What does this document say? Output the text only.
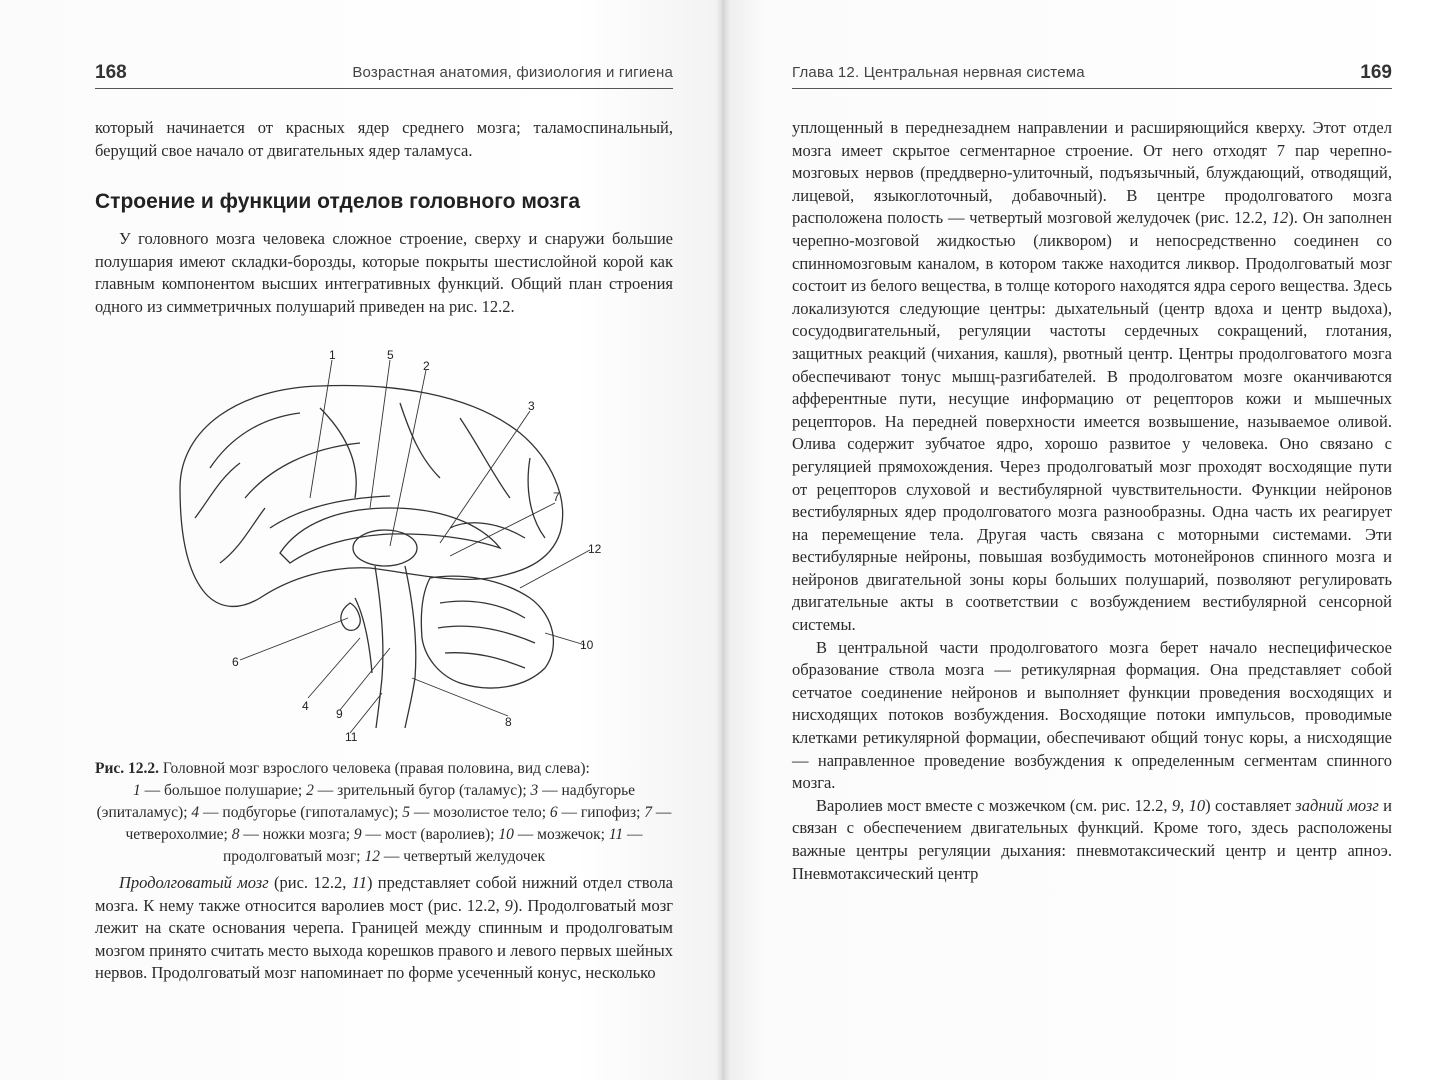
168	Возрастная анатомия, физиология и гигиена

который начинается от красных ядер среднего мозга; таламоспинальный, берущий свое начало от двигательных ядер таламуса.

Строение и функции отделов головного мозга

У головного мозга человека сложное строение, сверху и снаружи большие полушария имеют складки-борозды, которые покрыты шестислойной корой как главным компонентом высших интегративных функций. Общий план строения одного из симметричных полушарий приведен на рис. 12.2.

1	5
2
3
7
12
10
6
4
9
11
8
Рис. 12.2. Головной мозг взрослого человека (правая половина, вид слева):
1 — большое полушарие; 2 — зрительный бугор (таламус); 3 — надбугорье (эпиталамус); 4 — подбугорье (гипоталамус); 5 — мозолистое тело; 6 — гипофиз; 7 — четверохолмие; 8 — ножки мозга; 9 — мост (варолиев); 10 — мозжечок; 11 — продолговатый мозг; 12 — четвертый желудочек

Продолговатый мозг (рис. 12.2, 11) представляет собой нижний отдел ствола мозга. К нему также относится варолиев мост (рис. 12.2, 9). Продолговатый мозг лежит на скате основания черепа. Границей между спинным и продолговатым мозгом принято считать место выхода корешков правого и левого первых шейных нервов. Продолговатый мозг напоминает по форме усеченный конус, несколько

Глава 12. Центральная нервная система	169

уплощенный в переднезаднем направлении и расширяющийся кверху. Этот отдел мозга имеет скрытое сегментарное строение. От него отходят 7 пар черепно-мозговых нервов (преддверно-улиточный, подъязычный, блуждающий, отводящий, лицевой, языкоглоточный, добавочный). В центре продолговатого мозга расположена полость — четвертый мозговой желудочек (рис. 12.2, 12). Он заполнен черепно-мозговой жидкостью (ликвором) и непосредственно соединен со спинномозговым каналом, в котором также находится ликвор. Продолговатый мозг состоит из белого вещества, в толще которого находятся ядра серого вещества. Здесь локализуются следующие центры: дыхательный (центр вдоха и центр выдоха), сосудодвигательный, регуляции частоты сердечных сокращений, глотания, защитных реакций (чихания, кашля), рвотный центр. Центры продолговатого мозга обеспечивают тонус мышц-разгибателей. В продолговатом мозге оканчиваются афферентные пути, несущие информацию от рецепторов кожи и мышечных рецепторов. На передней поверхности имеется возвышение, называемое оливой. Олива содержит зубчатое ядро, хорошо развитое у человека. Оно связано с регуляцией прямохождения. Через продолговатый мозг проходят восходящие пути от рецепторов слуховой и вестибулярной чувствительности. Функции нейронов вестибулярных ядер продолговатого мозга разнообразны. Одна часть их реагирует на перемещение тела. Другая часть связана с моторными системами. Эти вестибулярные нейроны, повышая возбудимость мотонейронов спинного мозга и нейронов двигательной зоны коры больших полушарий, позволяют регулировать двигательные акты в соответствии с возбуждением вестибулярной сенсорной системы.

В центральной части продолговатого мозга берет начало неспецифическое образование ствола мозга — ретикулярная формация. Она представляет собой сетчатое соединение нейронов и выполняет функции проведения восходящих и нисходящих потоков возбуждения. Восходящие потоки импульсов, проводимые клетками ретикулярной формации, обеспечивают общий тонус коры, а нисходящие — направленное проведение возбуждения к определенным сегментам спинного мозга.

Варолиев мост вместе с мозжечком (см. рис. 12.2, 9, 10) составляет задний мозг и связан с обеспечением двигательных функций. Кроме того, здесь расположены важные центры регуляции дыхания: пневмотаксический центр и центр апноэ. Пневмотаксический центр
